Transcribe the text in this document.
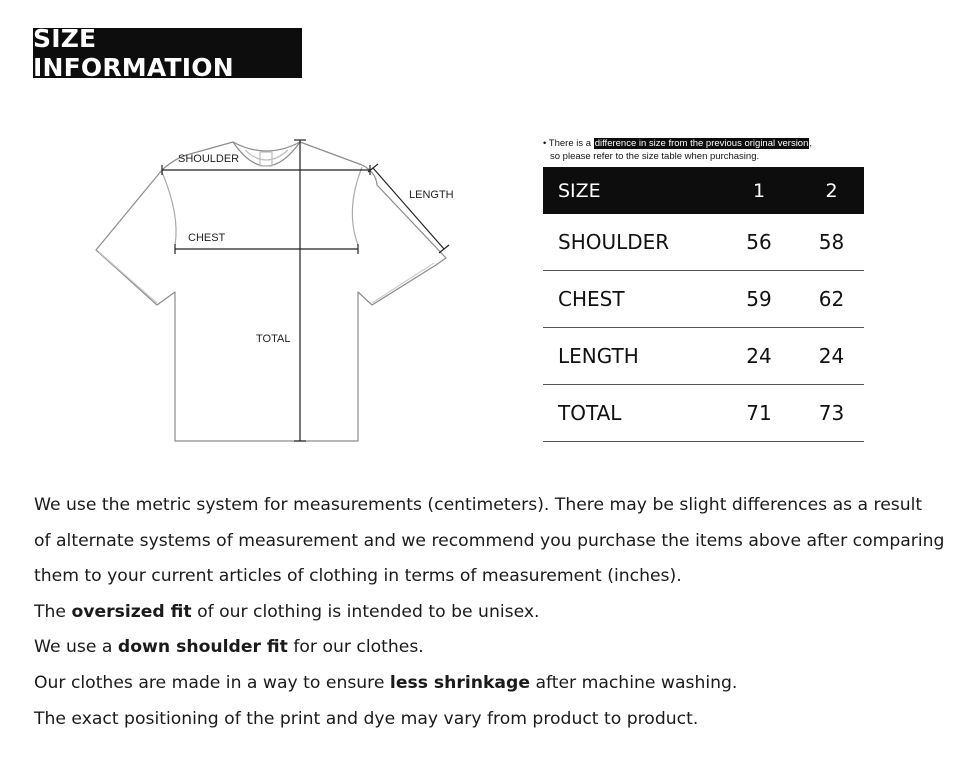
SIZE INFORMATION
SHOULDER
LENGTH
CHEST
TOTAL
• There is a difference in size from the previous original version,
so please refer to the size table when purchasing.
SIZE	1	2
SHOULDER	56	58
CHEST	59	62
LENGTH	24	24
TOTAL	71	73

We use the metric system for measurements (centimeters). There may be slight differences as a result

of alternate systems of measurement and we recommend you purchase the items above after comparing

them to your current articles of clothing in terms of measurement (inches).

The oversized fit of our clothing is intended to be unisex.

We use a down shoulder fit for our clothes.

Our clothes are made in a way to ensure less shrinkage after machine washing.

The exact positioning of the print and dye may vary from product to product.
